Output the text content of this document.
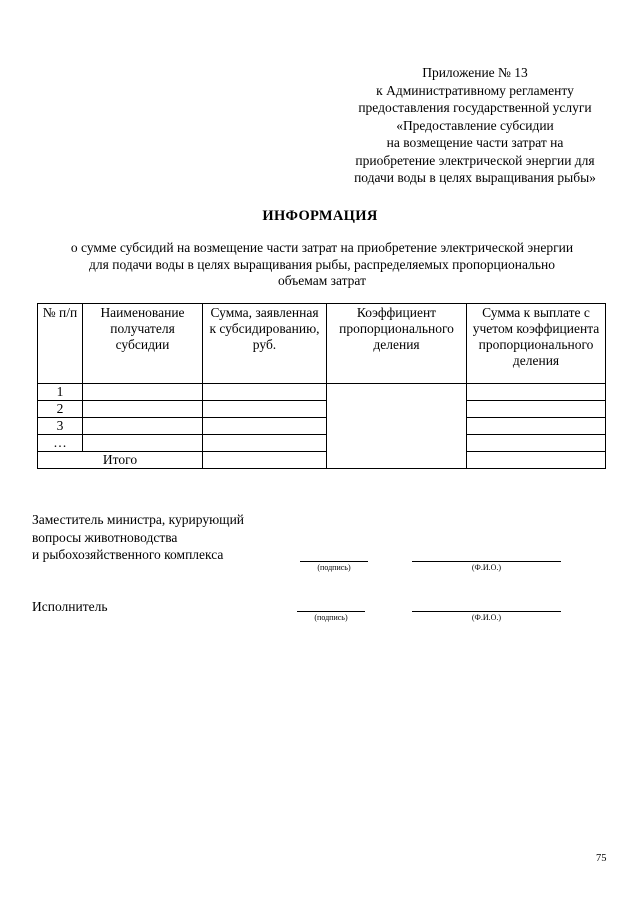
Приложение № 13
к Административному регламенту
предоставления государственной услуги
«Предоставление субсидии
на возмещение части затрат на
приобретение электрической энергии для
подачи воды в целях выращивания рыбы»
ИНФОРМАЦИЯ
о сумме субсидий на возмещение части затрат на приобретение электрической энергии
для подачи воды в целях выращивания рыбы, распределяемых пропорционально
объемам затрат
№ п/п	Наименование получателя субсидии	Сумма, заявленная к субсидированию, руб.	Коэффициент пропорционального деления	Сумма к выплате с учетом коэффициента пропорционального деления
1				
2				
3				
…				
Итого				
Заместитель министра, курирующий
вопросы животноводства
и рыбохозяйственного комплекса
(подпись)	(Ф.И.О.)
Исполнитель
(подпись)	(Ф.И.О.)
75
